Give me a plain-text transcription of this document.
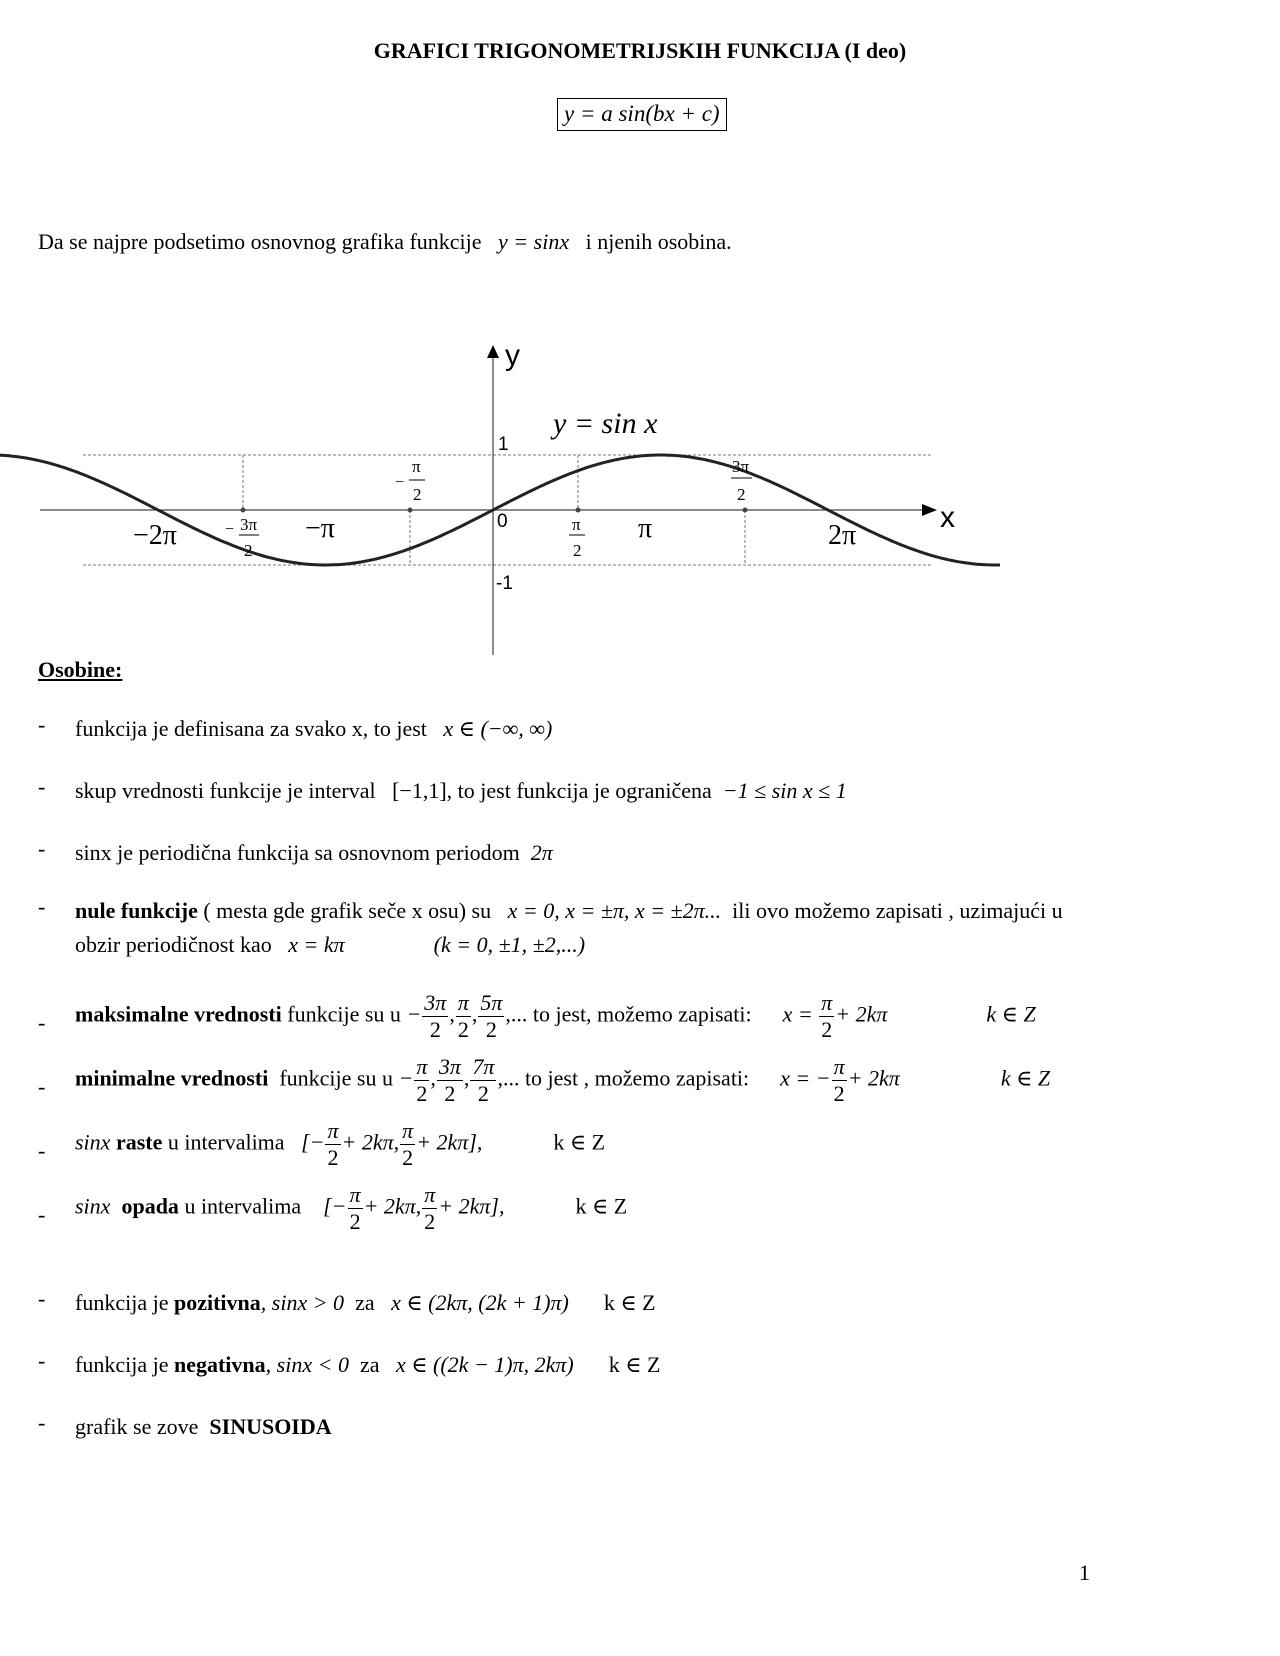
GRAFICI TRIGONOMETRIJSKIH FUNKCIJA (I deo)
y = a sin(bx + c)
Da se najpre podsetimo osnovnog grafika funkcije y = sinx i njenih osobina.
y
x
y = sin x
1
-1
0
−2π	− 3π
2
−π
−
π
2
π
2
π
3π
2
2π
Osobine:
- funkcija je definisana za svako x, to jest x ∈ (−∞, ∞)
- skup vrednosti funkcije je interval [−1,1], to jest funkcija je ograničena −1 ≤ sin x ≤ 1
- sinx je periodična funkcija sa osnovnom periodom 2π
- nule funkcije ( mesta gde grafik seče x osu) su x = 0, x = ±π, x = ±2π... ili ovo možemo zapisati , uzimajući u
obzir periodičnost kao x = kπ	(k = 0, ±1, ±2,...)
- maksimalne vrednosti funkcije su $u - \frac{3\pi}{2}$ , $\frac{\pi}{2}$ , $\frac{5\pi}{2}$ ,... to jest, možemo zapisati: $x = \frac{\pi}{2} + 2k\pi$	k ∈ Z
- minimalne vrednosti funkcije su $u - \frac{\pi}{2}$ , $\frac{3\pi}{2}$ , $\frac{7\pi}{2}$ ,... to jest , možemo zapisati: x = − $\frac{\pi}{2} + 2k\pi$	k ∈ Z
- sinx raste u intervalima [− $\frac{\pi}{2} + 2k\pi$, $\frac{\pi}{2} + 2k\pi$],	k ∈ Z
- sinx opada u intervalima [− $\frac{\pi}{2} + 2k\pi$, $\frac{\pi}{2} + 2k\pi$],	k ∈ Z
- funkcija je pozitivna, sinx > 0 za x ∈ (2kπ, (2k + 1)π) k ∈ Z
- funkcija je negativna, sinx < 0 za x ∈ ((2k − 1)π, 2kπ) k ∈ Z
- grafik se zove SINUSOIDA
1
